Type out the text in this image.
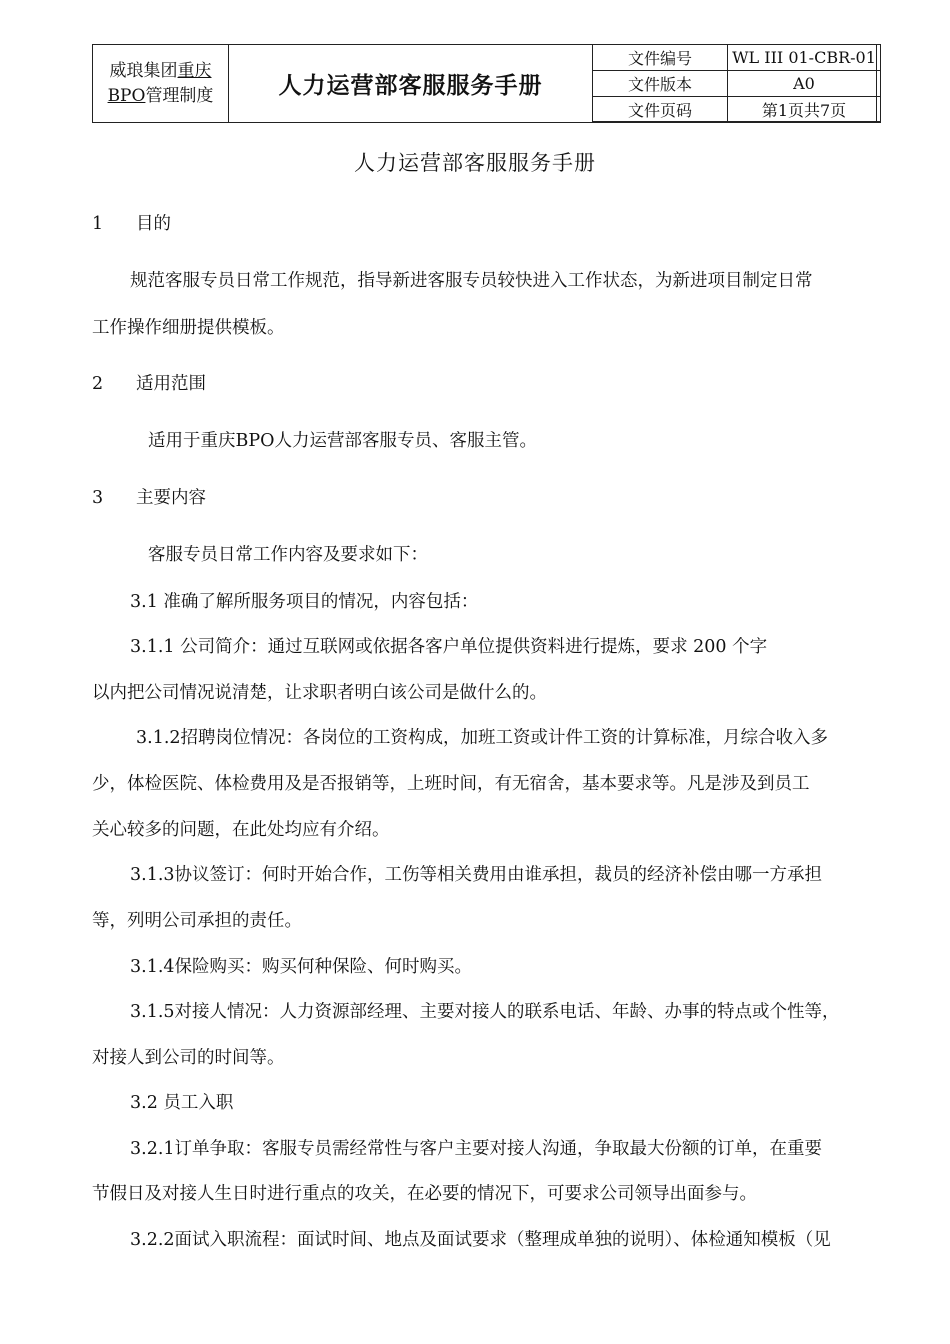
威琅集团重庆
BPO管理制度	人力运营部客服服务手册
文件编号	WL III 01-CBR-01
文件版本	A0
文件页码	第1页共7页
人力运营部客服服务手册
1 目的
规范客服专员日常工作规范，指导新进客服专员较快进入工作状态，为新进项目制定日常
工作操作细册提供模板。
2 适用范围
适用于重庆BPO人力运营部客服专员、客服主管。
3 主要内容
客服专员日常工作内容及要求如下：
3.1 准确了解所服务项目的情况，内容包括：
3.1.1 公司简介：通过互联网或依据各客户单位提供资料进行提炼，要求 200 个字
以内把公司情况说清楚，让求职者明白该公司是做什么的。
3.1.2招聘岗位情况：各岗位的工资构成，加班工资或计件工资的计算标准，月综合收入多
少，体检医院、体检费用及是否报销等，上班时间，有无宿舍，基本要求等。凡是涉及到员工
关心较多的问题，在此处均应有介绍。
3.1.3协议签订：何时开始合作，工伤等相关费用由谁承担，裁员的经济补偿由哪一方承担
等，列明公司承担的责任。
3.1.4保险购买：购买何种保险、何时购买。
3.1.5对接人情况：人力资源部经理、主要对接人的联系电话、年龄、办事的特点或个性等，
对接人到公司的时间等。
3.2 员工入职
3.2.1订单争取：客服专员需经常性与客户主要对接人沟通，争取最大份额的订单，在重要
节假日及对接人生日时进行重点的攻关，在必要的情况下，可要求公司领导出面参与。
3.2.2面试入职流程：面试时间、地点及面试要求（整理成单独的说明）、体检通知模板（见
